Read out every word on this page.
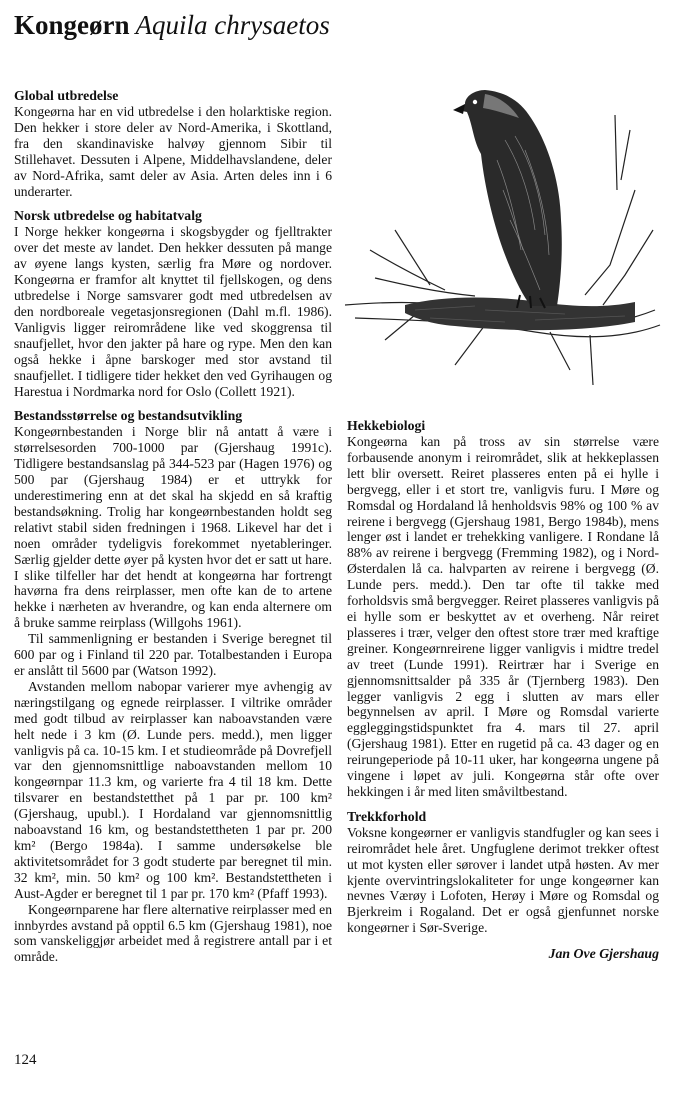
Kongeørn Aquila chrysaetos
Global utbredelse

Kongeørna har en vid utbredelse i den holarktiske region. Den hekker i store deler av Nord-Amerika, i Skottland, fra den skandinaviske halvøy gjennom Sibir til Stillehavet. Dessuten i Alpene, Middelhavslandene, deler av Nord-Afrika, samt deler av Asia. Arten deles inn i 6 underarter.

Norsk utbredelse og habitatvalg

I Norge hekker kongeørna i skogsbygder og fjelltrakter over det meste av landet. Den hekker dessuten på mange av øyene langs kysten, særlig fra Møre og nordover. Kongeørna er framfor alt knyttet til fjellskogen, og dens utbredelse i Norge samsvarer godt med utbredelsen av den nordboreale vegetasjonsregionen (Dahl m.fl. 1986). Vanligvis ligger reirområdene like ved skoggrensa til snaufjellet, hvor den jakter på hare og rype. Men den kan også hekke i åpne barskoger med stor avstand til snaufjellet. I tidligere tider hekket den ved Gyrihaugen og Harestua i Nordmarka nord for Oslo (Collett 1921).

Bestandsstørrelse og bestandsutvikling

Kongeørnbestanden i Norge blir nå antatt å være i størrelsesorden 700-1000 par (Gjershaug 1991c). Tidligere bestandsanslag på 344-523 par (Hagen 1976) og 500 par (Gjershaug 1984) er et uttrykk for underestimering enn at det skal ha skjedd en så kraftig bestandsøkning. Trolig har kongeørnbestanden holdt seg relativt stabil siden fredningen i 1968. Likevel har det i noen områder tydeligvis forekommet nyetableringer. Særlig gjelder dette øyer på kysten hvor det er satt ut hare. I slike tilfeller har det hendt at kongeørna har fortrengt havørna fra dens reirplasser, men ofte kan de to artene hekke i nærheten av hverandre, og kan enda alternere om å bruke samme reirplass (Willgohs 1961).

Til sammenligning er bestanden i Sverige beregnet til 600 par og i Finland til 220 par. Totalbestanden i Europa er anslått til 5600 par (Watson 1992).

Avstanden mellom nabopar varierer mye avhengig av næringstilgang og egnede reirplasser. I viltrike områder med godt tilbud av reirplasser kan naboavstanden være helt nede i 3 km (Ø. Lunde pers. medd.), men ligger vanligvis på ca. 10-15 km. I et studieområde på Dovrefjell var den gjennomsnittlige naboavstanden mellom 10 kongeørnpar 11.3 km, og varierte fra 4 til 18 km. Dette tilsvarer en bestandstetthet på 1 par pr. 100 km² (Gjershaug, upubl.). I Hordaland var gjennomsnittlig naboavstand 16 km, og bestandstettheten 1 par pr. 200 km² (Bergo 1984a). I samme undersøkelse ble aktivitetsområdet for 3 godt studerte par beregnet til min. 32 km², min. 50 km² og 100 km². Bestandstettheten i Aust-Agder er beregnet til 1 par pr. 170 km² (Pfaff 1993).

Kongeørnparene har flere alternative reirplasser med en innbyrdes avstand på opptil 6.5 km (Gjershaug 1981), noe som vanskeliggjør arbeidet med å registrere antall par i et område.

Hekkebiologi

Kongeørna kan på tross av sin størrelse være forbausende anonym i reirområdet, slik at hekkeplassen lett blir oversett. Reiret plasseres enten på ei hylle i bergvegg, eller i et stort tre, vanligvis furu. I Møre og Romsdal og Hordaland lå henholdsvis 98% og 100 % av reirene i bergvegg (Gjershaug 1981, Bergo 1984b), mens lenger øst i landet er trehekking vanligere. I Rondane lå 88% av reirene i bergvegg (Fremming 1982), og i Nord-Østerdalen lå ca. halvparten av reirene i bergvegg (Ø. Lunde pers. medd.). Den tar ofte til takke med forholdsvis små bergvegger. Reiret plasseres vanligvis på ei hylle som er beskyttet av et overheng. Når reiret plasseres i trær, velger den oftest store trær med kraftige greiner. Kongeørnreirene ligger vanligvis i midtre tredel av treet (Lunde 1991). Reirtrær har i Sverige en gjennomsnittsalder på 335 år (Tjernberg 1983). Den legger vanligvis 2 egg i slutten av mars eller begynnelsen av april. I Møre og Romsdal varierte eggleggingstidspunktet fra 4. mars til 27. april (Gjershaug 1981). Etter en rugetid på ca. 43 dager og en reirungeperiode på 10-11 uker, har kongeørna ungene på vingene i løpet av juli. Kongeørna står ofte over hekkingen i år med liten småviltbestand.

Trekkforhold

Voksne kongeørner er vanligvis standfugler og kan sees i reirområdet hele året. Ungfuglene derimot trekker oftest ut mot kysten eller sørover i landet utpå høsten. Av mer kjente overvintringslokaliteter for unge kongeørner kan nevnes Værøy i Lofoten, Herøy i Møre og Romsdal og Bjerkreim i Rogaland. Det er også gjenfunnet norske kongeørner i Sør-Sverige.

Jan Ove Gjershaug
124
